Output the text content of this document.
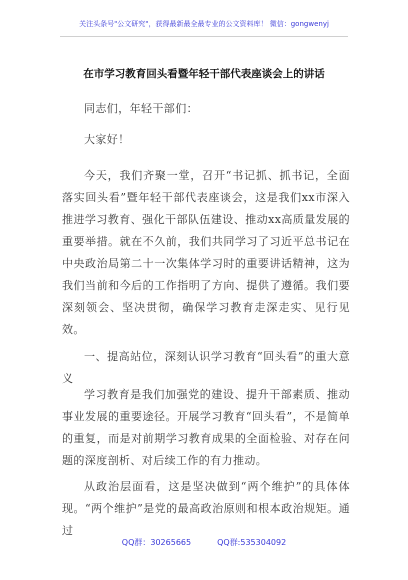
关注头条号"公文研究"，获得最新最全最专业的公文资料库！ 微信：gongwenyj
在市学习教育回头看暨年轻干部代表座谈会上的讲话

同志们，年轻干部们：

大家好！

今天，我们齐聚一堂，召开“书记抓、抓书记，全面落实回头看”暨年轻干部代表座谈会，这是我们xx市深入推进学习教育、强化干部队伍建设、推动xx高质量发展的重要举措。就在不久前，我们共同学习了习近平总书记在中央政治局第二十一次集体学习时的重要讲话精神，这为我们当前和今后的工作指明了方向、提供了遵循。我们要深刻领会、坚决贯彻，确保学习教育走深走实、见行见效。

一、提高站位，深刻认识学习教育“回头看”的重大意义

学习教育是我们加强党的建设、提升干部素质、推动事业发展的重要途径。开展学习教育“回头看”，不是简单的重复，而是对前期学习教育成果的全面检验、对存在问题的深度剖析、对后续工作的有力推动。

从政治层面看，这是坚决做到“两个维护”的具体体现。“两个维护”是党的最高政治原则和根本政治规矩。通过

QQ群：30265665	QQ群:535304092
